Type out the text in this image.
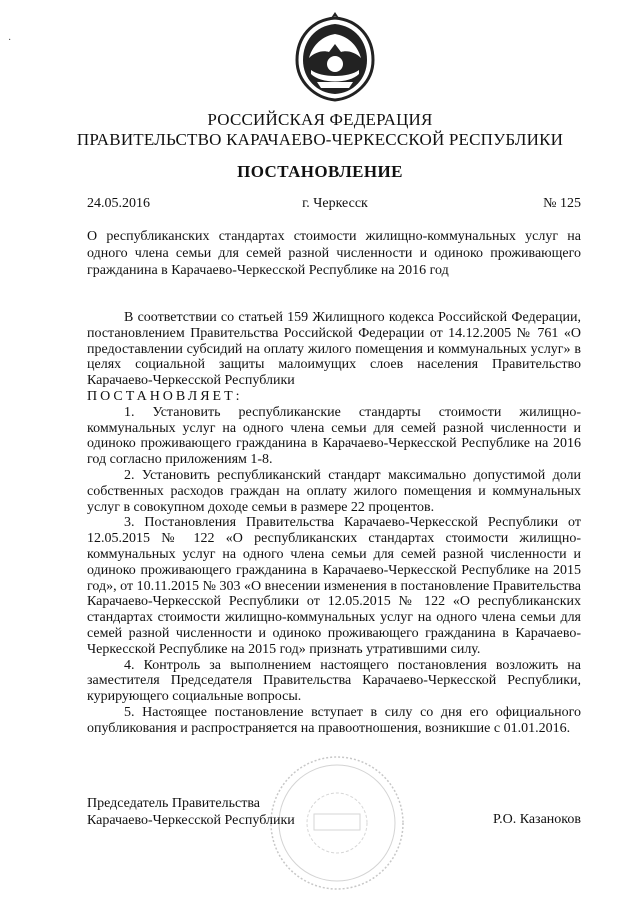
·
РОССИЙСКАЯ ФЕДЕРАЦИЯ
ПРАВИТЕЛЬСТВО КАРАЧАЕВО-ЧЕРКЕССКОЙ РЕСПУБЛИКИ
ПОСТАНОВЛЕНИЕ
24.05.2016	г. Черкесск	№ 125
О республиканских стандартах стоимости жилищно-коммунальных услуг на одного члена семьи для семей разной численности и одиноко проживающего гражданина в Карачаево-Черкесской Республике на 2016 год

В соответствии со статьей 159 Жилищного кодекса Российской Федерации, постановлением Правительства Российской Федерации от 14.12.2005 № 761 «О предоставлении субсидий на оплату жилого помещения и коммунальных услуг» в целях социальной защиты малоимущих слоев населения Правительство Карачаево-Черкесской Республики

ПОСТАНОВЛЯЕТ:

1. Установить республиканские стандарты стоимости жилищно-коммунальных услуг на одного члена семьи для семей разной численности и одиноко проживающего гражданина в Карачаево-Черкесской Республике на 2016 год согласно приложениям 1-8.

2. Установить республиканский стандарт максимально допустимой доли собственных расходов граждан на оплату жилого помещения и коммунальных услуг в совокупном доходе семьи в размере 22 процентов.

3. Постановления Правительства Карачаево-Черкесской Республики от 12.05.2015 № 122 «О республиканских стандартах стоимости жилищно-коммунальных услуг на одного члена семьи для семей разной численности и одиноко проживающего гражданина в Карачаево-Черкесской Республике на 2015 год», от 10.11.2015 № 303 «О внесении изменения в постановление Правительства Карачаево-Черкесской Республики от 12.05.2015 № 122 «О республиканских стандартах стоимости жилищно-коммунальных услуг на одного члена семьи для семей разной численности и одиноко проживающего гражданина в Карачаево-Черкесской Республике на 2015 год» признать утратившими силу.

4. Контроль за выполнением настоящего постановления возложить на заместителя Председателя Правительства Карачаево-Черкесской Республики, курирующего социальные вопросы.

5. Настоящее постановление вступает в силу со дня его официального опубликования и распространяется на правоотношения, возникшие с 01.01.2016.

Председатель Правительства
Карачаево-Черкесской Республики	Р.О. Казаноков
